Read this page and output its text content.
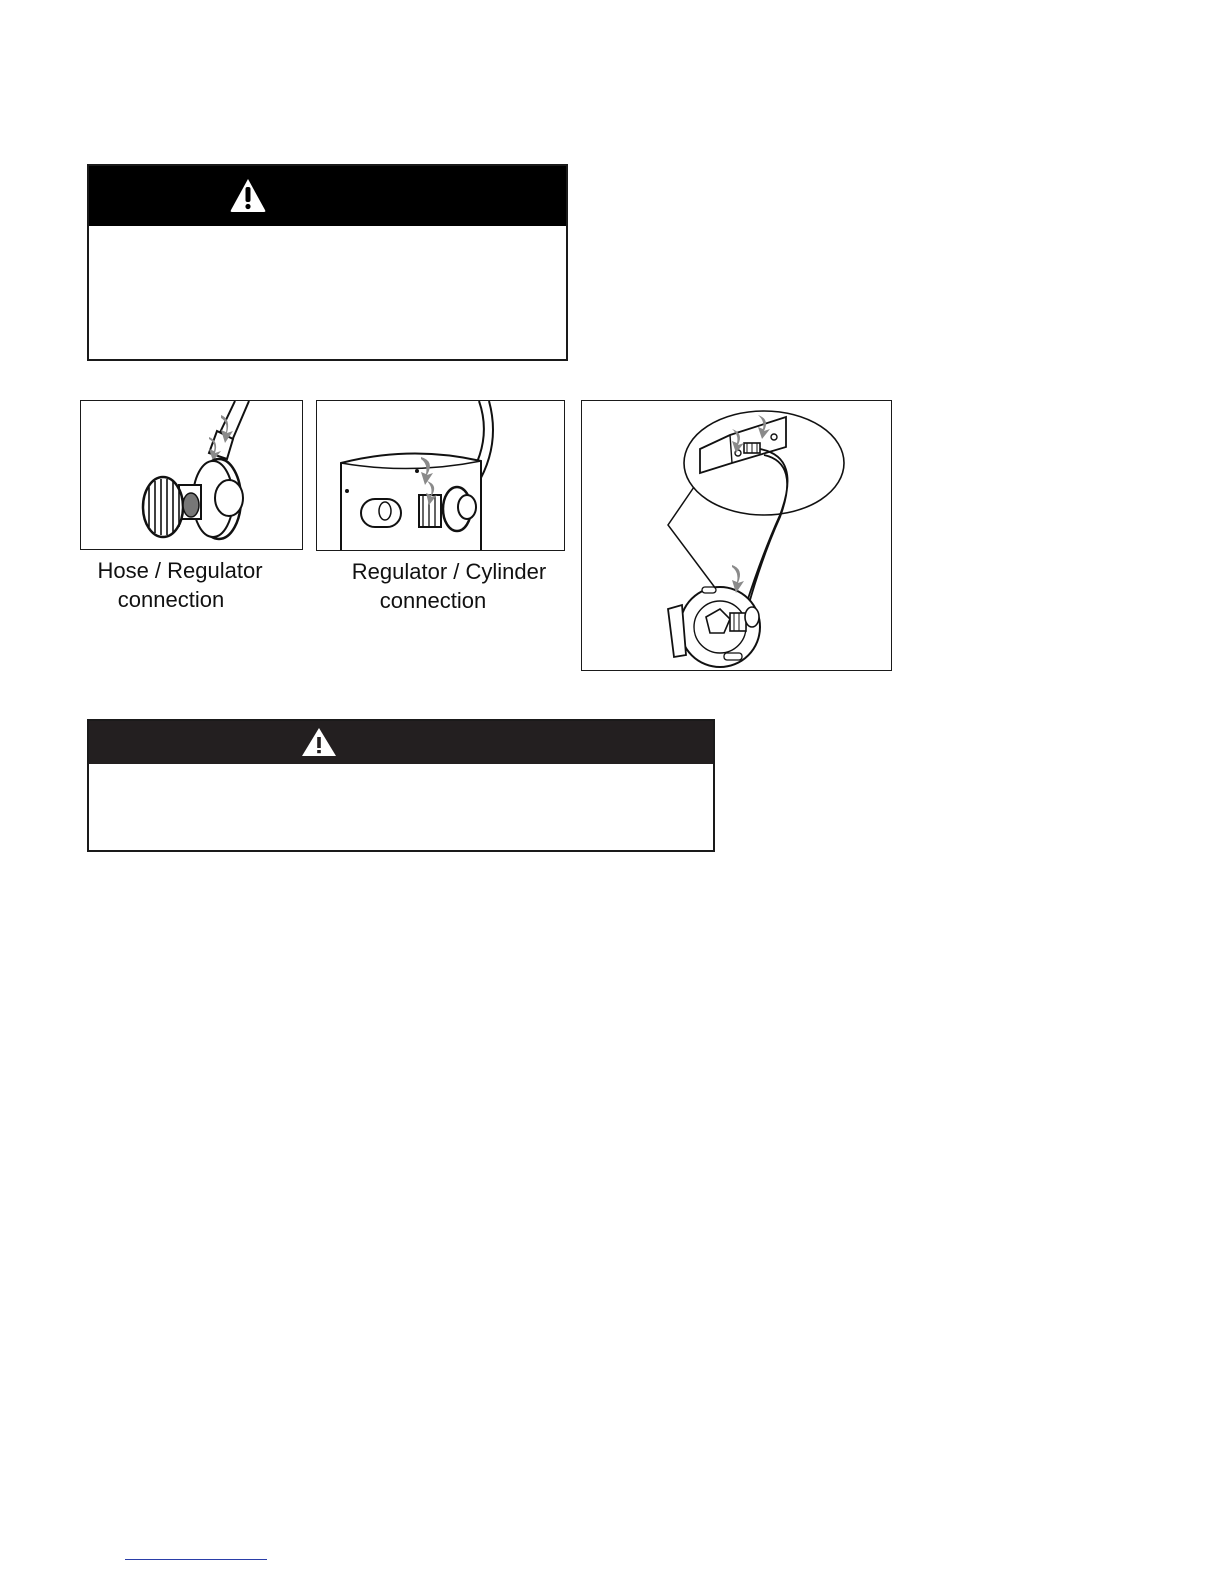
Hose / Regulator
connection
Regulator / Cylinder
connection
